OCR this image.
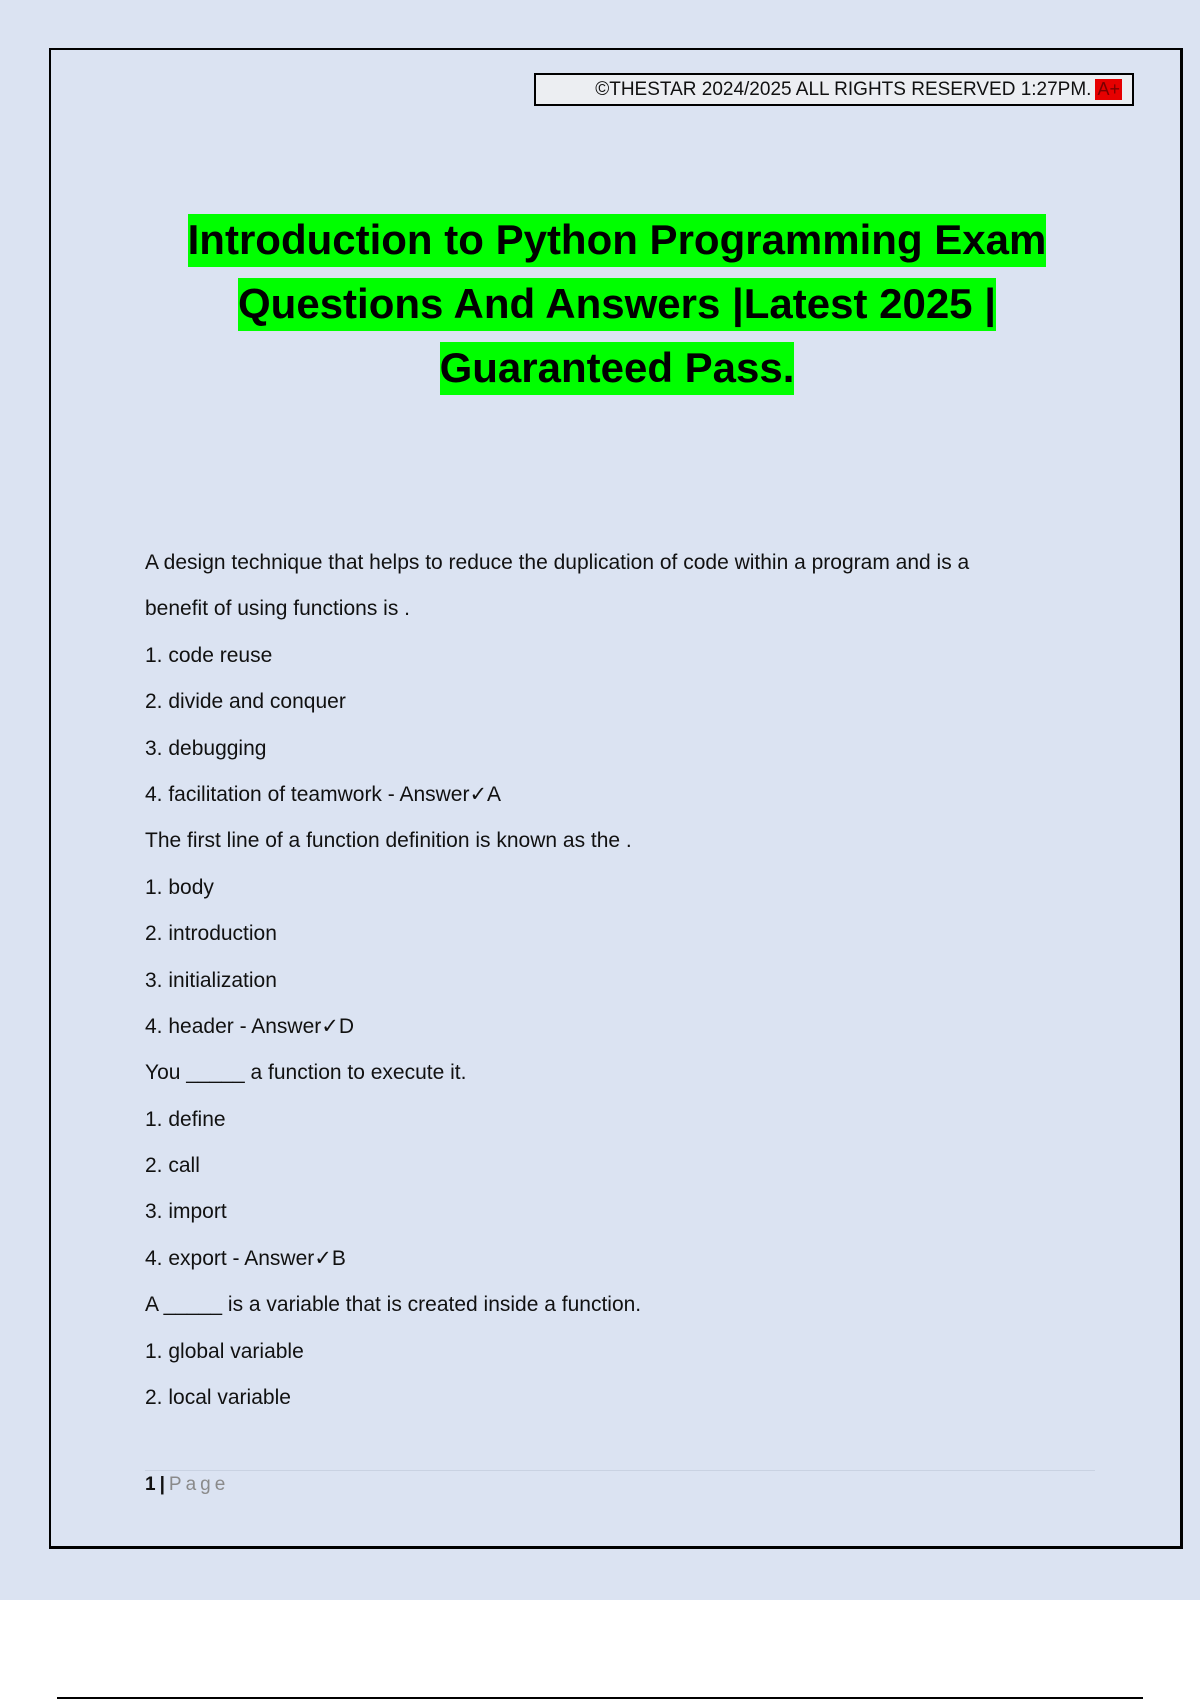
©THESTAR 2024/2025 ALL RIGHTS RESERVED 1:27PM. A+
Introduction to Python Programming Exam
Questions And Answers |Latest 2025 |
Guaranteed Pass.
A design technique that helps to reduce the duplication of code within a program and is a
benefit of using functions is .
1. code reuse
2. divide and conquer
3. debugging
4. facilitation of teamwork - Answer✓A
The first line of a function definition is known as the .
1. body
2. introduction
3. initialization
4. header - Answer✓D
You _____ a function to execute it.
1. define
2. call
3. import
4. export - Answer✓B
A _____ is a variable that is created inside a function.
1. global variable
2. local variable
1 | Page
